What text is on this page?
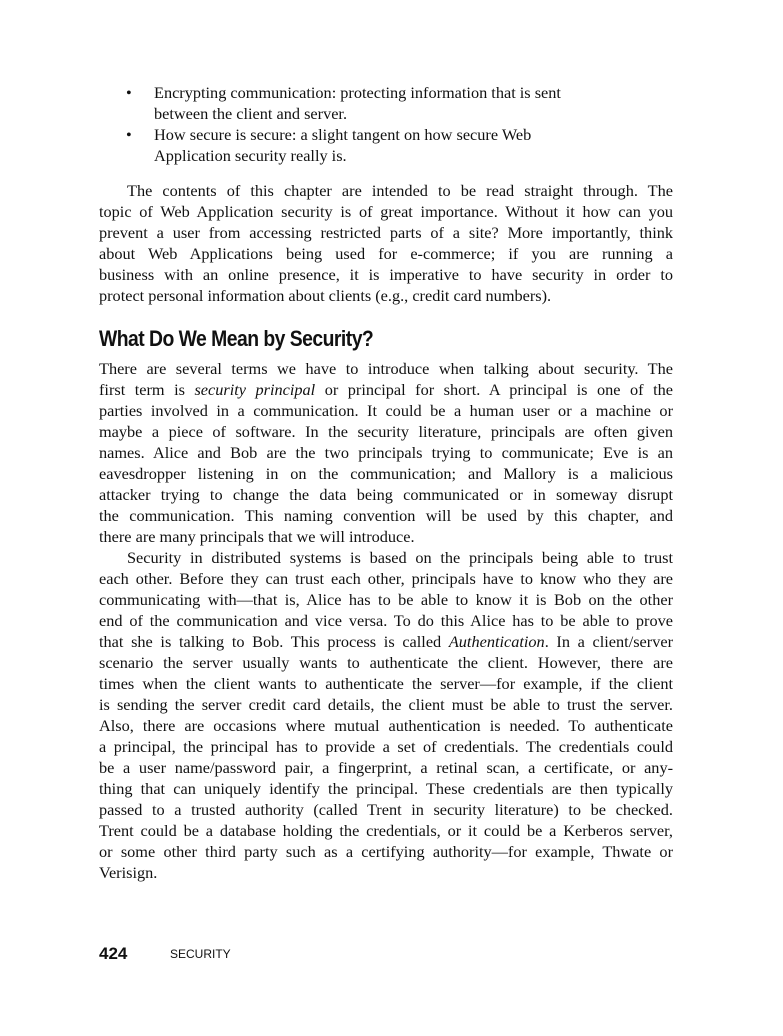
• Encrypting communication: protecting information that is sent
between the client and server.
• How secure is secure: a slight tangent on how secure Web
Application security really is.
The contents of this chapter are intended to be read straight through. The
topic of Web Application security is of great importance. Without it how can you
prevent a user from accessing restricted parts of a site? More importantly, think
about Web Applications being used for e-commerce; if you are running a
business with an online presence, it is imperative to have security in order to
protect personal information about clients (e.g., credit card numbers).
What Do We Mean by Security?
There are several terms we have to introduce when talking about security. The
first term is security principal or principal for short. A principal is one of the
parties involved in a communication. It could be a human user or a machine or
maybe a piece of software. In the security literature, principals are often given
names. Alice and Bob are the two principals trying to communicate; Eve is an
eavesdropper listening in on the communication; and Mallory is a malicious
attacker trying to change the data being communicated or in someway disrupt
the communication. This naming convention will be used by this chapter, and
there are many principals that we will introduce.
Security in distributed systems is based on the principals being able to trust
each other. Before they can trust each other, principals have to know who they are
communicating with—that is, Alice has to be able to know it is Bob on the other
end of the communication and vice versa. To do this Alice has to be able to prove
that she is talking to Bob. This process is called Authentication. In a client/server
scenario the server usually wants to authenticate the client. However, there are
times when the client wants to authenticate the server—for example, if the client
is sending the server credit card details, the client must be able to trust the server.
Also, there are occasions where mutual authentication is needed. To authenticate
a principal, the principal has to provide a set of credentials. The credentials could
be a user name/password pair, a fingerprint, a retinal scan, a certificate, or any-
thing that can uniquely identify the principal. These credentials are then typically
passed to a trusted authority (called Trent in security literature) to be checked.
Trent could be a database holding the credentials, or it could be a Kerberos server,
or some other third party such as a certifying authority—for example, Thwate or
Verisign.
424	SECURITY
